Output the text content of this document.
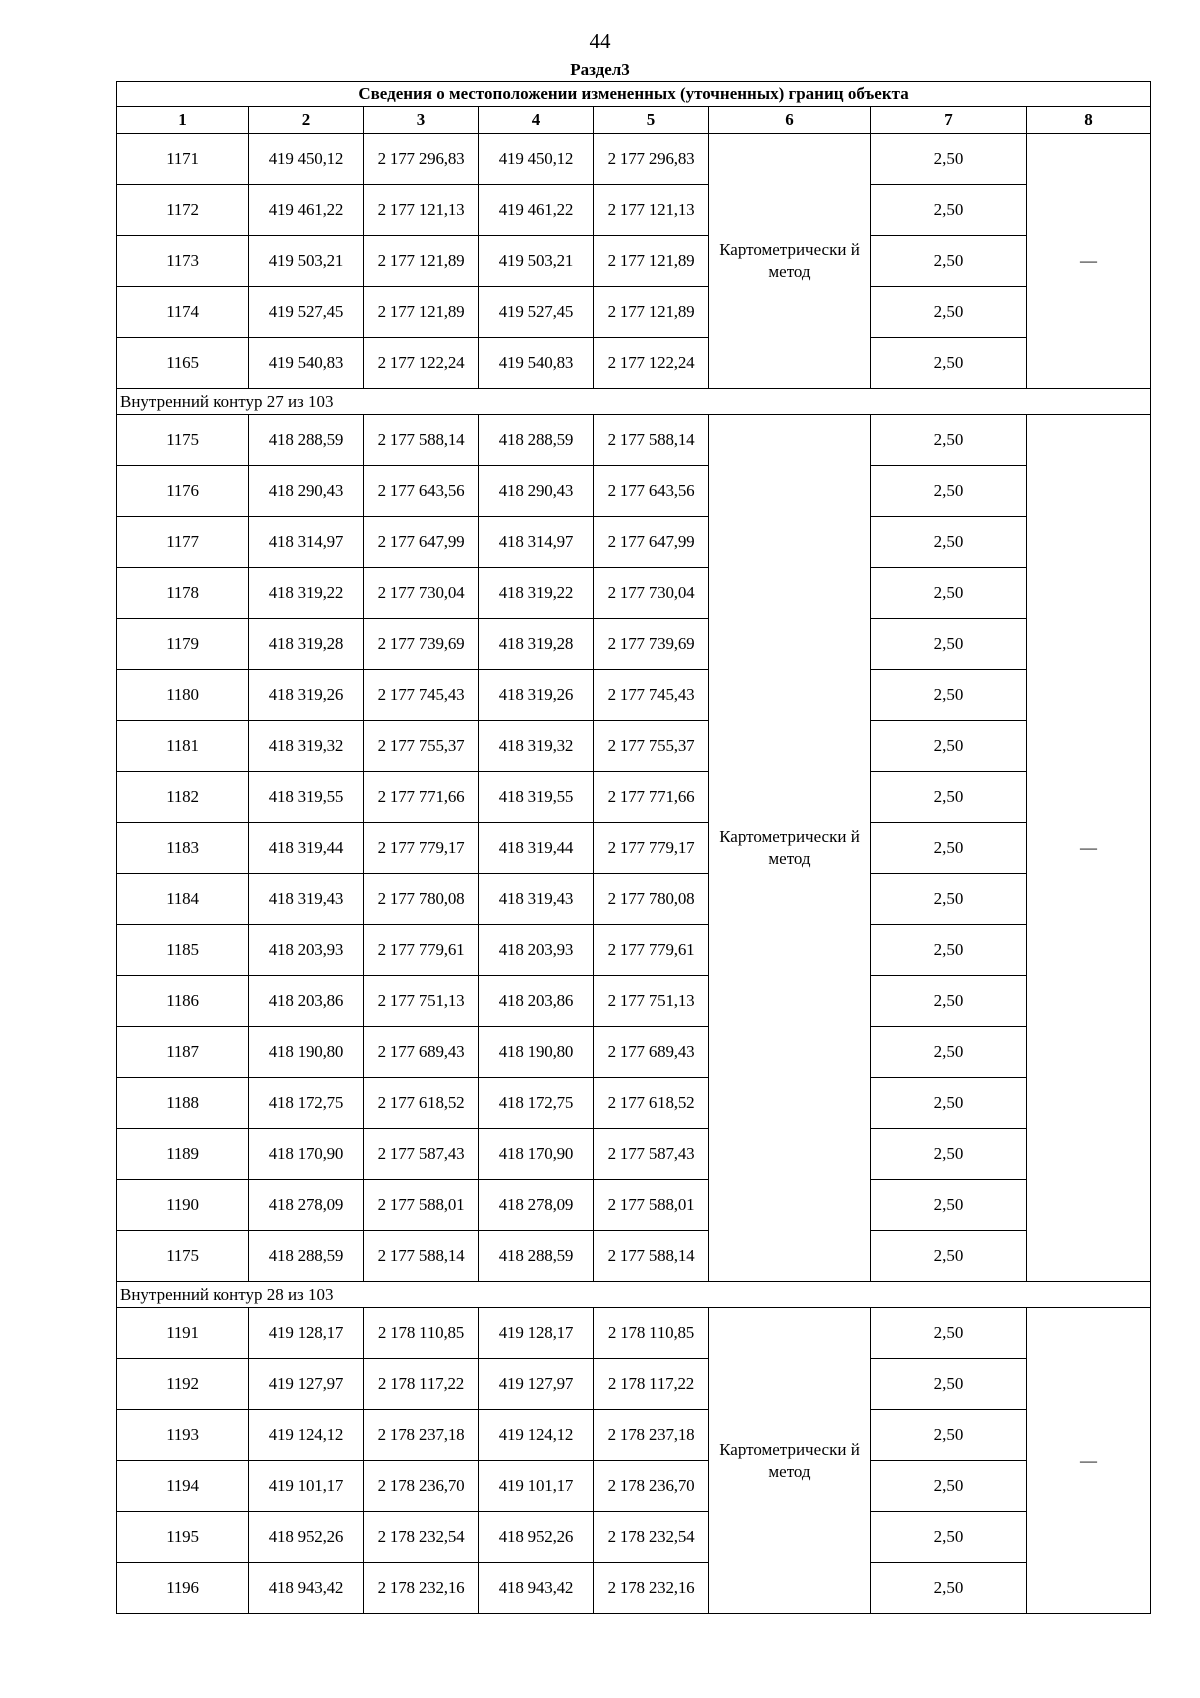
44
Раздел3
Сведения о местоположении измененных (уточненных) границ объекта							
1	2	3	4	5	6	7	8
1171	419 450,12	2 177 296,83	419 450,12	2 177 296,83	Картометрически й метод	2,50	—
1172	419 461,22	2 177 121,13	419 461,22	2 177 121,13		2,50	
1173	419 503,21	2 177 121,89	419 503,21	2 177 121,89		2,50	
1174	419 527,45	2 177 121,89	419 527,45	2 177 121,89		2,50	
1165	419 540,83	2 177 122,24	419 540,83	2 177 122,24		2,50	
Внутренний контур 27 из 103							
1175	418 288,59	2 177 588,14	418 288,59	2 177 588,14	Картометрически й метод	2,50	—
1176	418 290,43	2 177 643,56	418 290,43	2 177 643,56		2,50	
1177	418 314,97	2 177 647,99	418 314,97	2 177 647,99		2,50	
1178	418 319,22	2 177 730,04	418 319,22	2 177 730,04		2,50	
1179	418 319,28	2 177 739,69	418 319,28	2 177 739,69		2,50	
1180	418 319,26	2 177 745,43	418 319,26	2 177 745,43		2,50	
1181	418 319,32	2 177 755,37	418 319,32	2 177 755,37		2,50	
1182	418 319,55	2 177 771,66	418 319,55	2 177 771,66		2,50	
1183	418 319,44	2 177 779,17	418 319,44	2 177 779,17		2,50	
1184	418 319,43	2 177 780,08	418 319,43	2 177 780,08		2,50	
1185	418 203,93	2 177 779,61	418 203,93	2 177 779,61		2,50	
1186	418 203,86	2 177 751,13	418 203,86	2 177 751,13		2,50	
1187	418 190,80	2 177 689,43	418 190,80	2 177 689,43		2,50	
1188	418 172,75	2 177 618,52	418 172,75	2 177 618,52		2,50	
1189	418 170,90	2 177 587,43	418 170,90	2 177 587,43		2,50	
1190	418 278,09	2 177 588,01	418 278,09	2 177 588,01		2,50	
1175	418 288,59	2 177 588,14	418 288,59	2 177 588,14		2,50	
Внутренний контур 28 из 103							
1191	419 128,17	2 178 110,85	419 128,17	2 178 110,85	Картометрически й метод	2,50	—
1192	419 127,97	2 178 117,22	419 127,97	2 178 117,22		2,50	
1193	419 124,12	2 178 237,18	419 124,12	2 178 237,18		2,50	
1194	419 101,17	2 178 236,70	419 101,17	2 178 236,70		2,50	
1195	418 952,26	2 178 232,54	418 952,26	2 178 232,54		2,50	
1196	418 943,42	2 178 232,16	418 943,42	2 178 232,16		2,50	
